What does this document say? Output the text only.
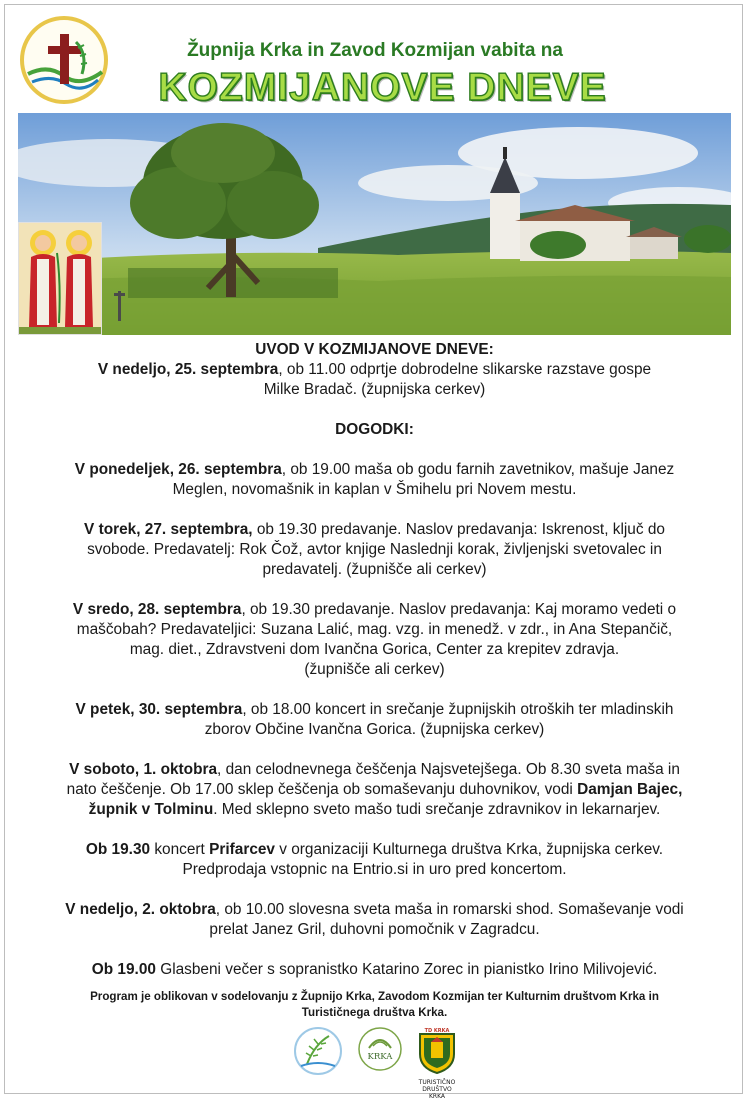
Župnija Krka in Zavod Kozmijan vabita na
KOZMIJANOVE DNEVE

UVOD V KOZMIJANOVE DNEVE:

V nedeljo, 25. septembra, ob 11.00 odprtje dobrodelne slikarske razstave gospe

Milke Bradač. (župnijska cerkev)

DOGODKI:

V ponedeljek, 26. septembra, ob 19.00 maša ob godu farnih zavetnikov, mašuje Janez

Meglen, novomašnik in kaplan v Šmihelu pri Novem mestu.

V torek, 27. septembra, ob 19.30 predavanje. Naslov predavanja: Iskrenost, ključ do

svobode. Predavatelj: Rok Čož, avtor knjige Naslednji korak, življenjski svetovalec in

predavatelj. (župnišče ali cerkev)

V sredo, 28. septembra, ob 19.30 predavanje. Naslov predavanja: Kaj moramo vedeti o

maščobah? Predavateljici: Suzana Lalić, mag. vzg. in menedž. v zdr., in Ana Stepančič,

mag. diet., Zdravstveni dom Ivančna Gorica, Center za krepitev zdravja.

(župnišče ali cerkev)

V petek, 30. septembra, ob 18.00 koncert in srečanje župnijskih otroških ter mladinskih

zborov Občine Ivančna Gorica. (župnijska cerkev)

V soboto, 1. oktobra, dan celodnevnega češčenja Najsvetejšega. Ob 8.30 sveta maša in

nato češčenje. Ob 17.00 sklep češčenja ob somaševanju duhovnikov, vodi Damjan Bajec,

župnik v Tolminu. Med sklepno sveto mašo tudi srečanje zdravnikov in lekarnarjev.

Ob 19.30 koncert Prifarcev v organizaciji Kulturnega društva Krka, župnijska cerkev.

Predprodaja vstopnic na Entrio.si in uro pred koncertom.

V nedeljo, 2. oktobra, ob 10.00 slovesna sveta maša in romarski shod. Somaševanje vodi

prelat Janez Gril, duhovni pomočnik v Zagradcu.

Ob 19.00 Glasbeni večer s sopranistko Katarino Zorec in pianistko Irino Milivojević.

Program je oblikovan v sodelovanju z Župnijo Krka, Zavodom Kozmijan ter Kulturnim društvom Krka in
Turističnega društva Krka.
KRKA
TD KRKA
TURISTIČNO DRUŠTVO KRKA
